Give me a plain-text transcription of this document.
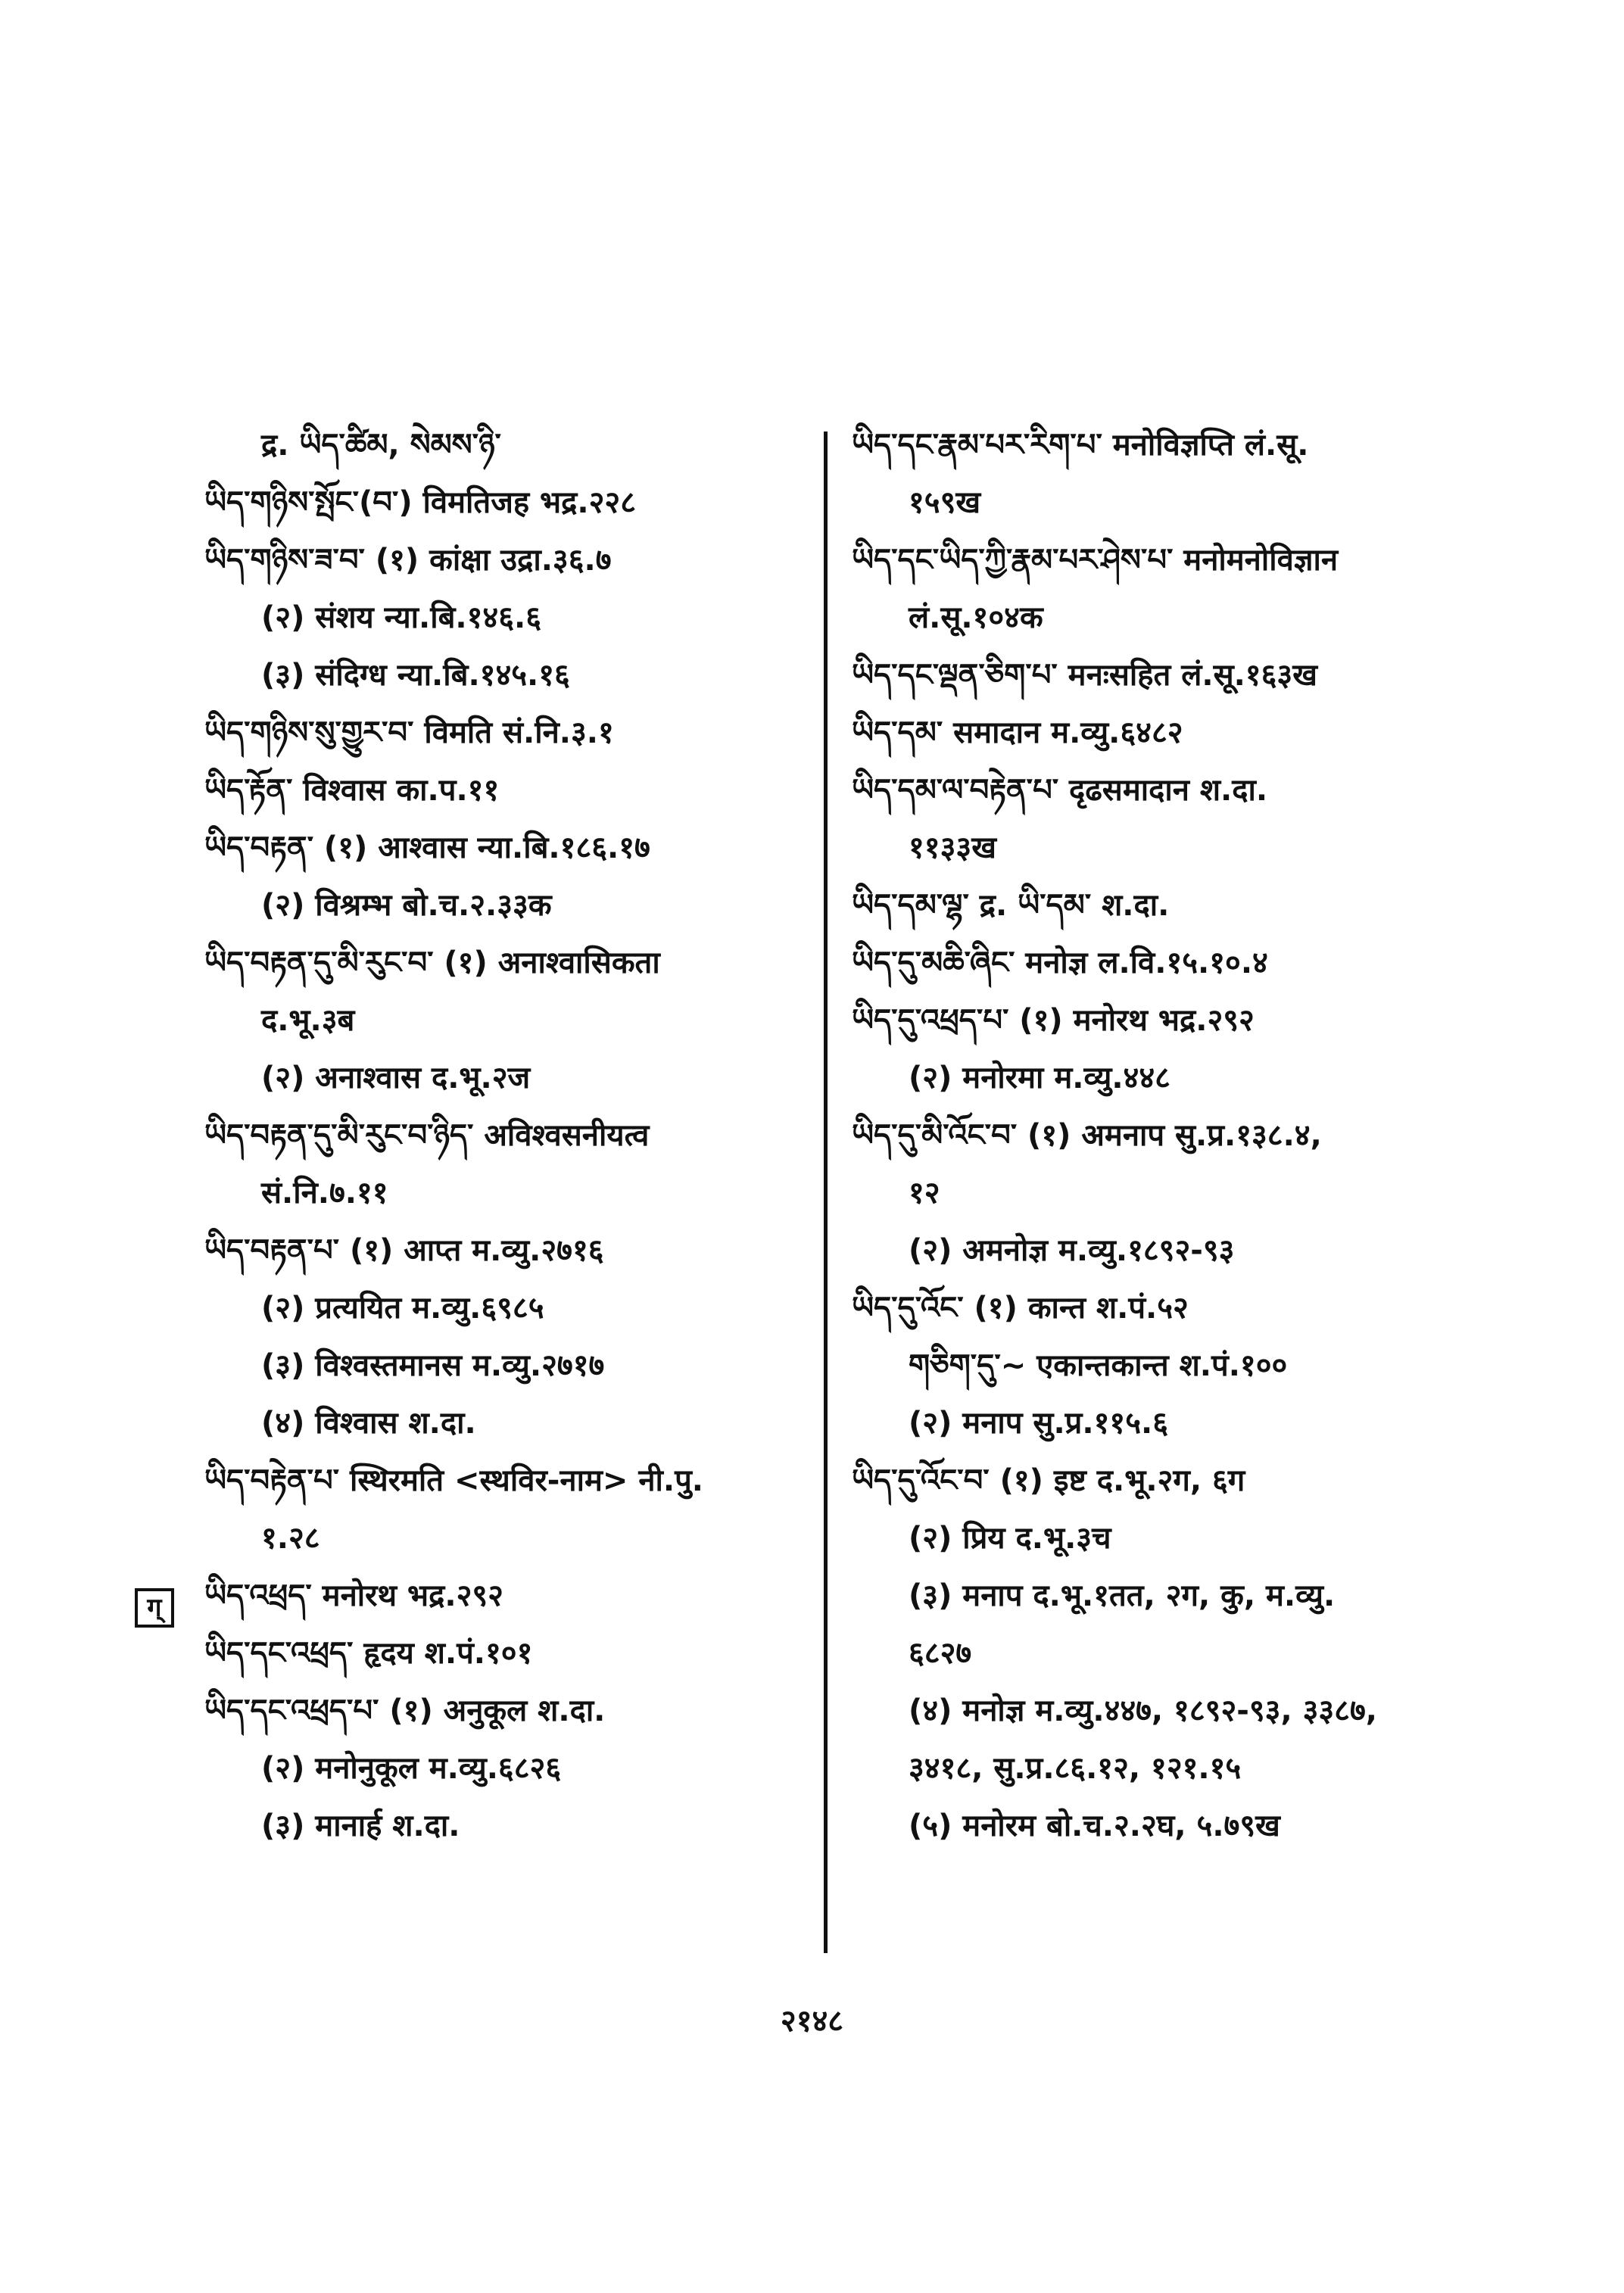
द्र. ཡིད་ཚིམ, སེམས་ཉི་
ཡིད་གཉིས་སྤོང་(བ་) विमतिजह भद्र.२२८
ཡིད་གཉིས་ཟ་བ་ (१) कांक्षा उद्रा.३६.७
(२) संशय न्या.बि.१४६.६
(३) संदिग्ध न्या.बि.१४५.१६
ཡིད་གཉིས་སུ་གྱུར་བ་ विमति सं.नि.३.१
ཡིད་རྟོན་ विश्वास का.प.११
ཡིད་བརྟན་ (१) आश्वास न्या.बि.१८६.१७
(२) विश्रम्भ बो.च.२.३३क
ཡིད་བརྟན་དུ་མི་རུང་བ་ (१) अनाश्वासिकता
द.भू.३ब
(२) अनाश्वास द.भू.२ज
ཡིད་བརྟན་དུ་མི་རུང་བ་ཉིད་ अविश्वसनीयत्व
सं.नि.७.११
ཡིད་བརྟན་པ་ (१) आप्त म.व्यु.२७१६
(२) प्रत्ययित म.व्यु.६९८५
(३) विश्वस्तमानस म.व्यु.२७१७
(४) विश्वास श.दा.
ཡིད་བརྟེན་པ་ स्थिरमति <स्थविर-नाम> नी.पु.
१.२८
ཡིད་འཕྲད་ मनोरथ भद्र.२९२
ཡིད་དང་འཕྲད་ हृदय श.पं.१०१
ཡིད་དང་འཕྲད་པ་ (१) अनुकूल श.दा.
(२) मनोनुकूल म.व्यु.६८२६
(३) मानार्ह श.दा.
ཡིད་དང་རྣམ་པར་རིག་པ་ मनोविज्ञप्ति लं.सू.
१५९ख
ཡིད་དང་ཡིད་ཀྱི་རྣམ་པར་ཤེས་པ་ मनोमनोविज्ञान
लं.सू.१०४क
ཡིད་དང་ལྡན་ཅིག་པ་ मनःसहित लं.सू.१६३ख
ཡིད་དམ་ समादान म.व्यु.६४८२
ཡིད་དམ་ལ་བརྟེན་པ་ दृढसमादान श.दा.
११३३ख
ཡིད་དམ་ལྷ་ द्र. ཡི་དམ་ श.दा.
ཡིད་དུ་མཆི་ཞིང་ मनोज्ञ ल.वि.१५.१०.४
ཡིད་དུ་འཕྲད་པ་ (१) मनोरथ भद्र.२९२
(२) मनोरमा म.व्यु.४४८
ཡིད་དུ་མི་འོང་བ་ (१) अमनाप सु.प्र.१३८.४,
१२
(२) अमनोज्ञ म.व्यु.१८९२-९३
ཡིད་དུ་འོང་ (१) कान्त श.पं.५२
གཅིག་དུ་~ एकान्तकान्त श.पं.१००
(२) मनाप सु.प्र.११५.६
ཡིད་དུ་འོང་བ་ (१) इष्ट द.भू.२ग, ६ग
(२) प्रिय द.भू.३च
(३) मनाप द.भू.१तत, २ग, कु, म.व्यु.
६८२७
(४) मनोज्ञ म.व्यु.४४७, १८९२-९३, ३३८७,
३४१८, सु.प्र.८६.१२, १२१.१५
(५) मनोरम बो.च.२.२घ, ५.७९ख
ग्
२१४८
